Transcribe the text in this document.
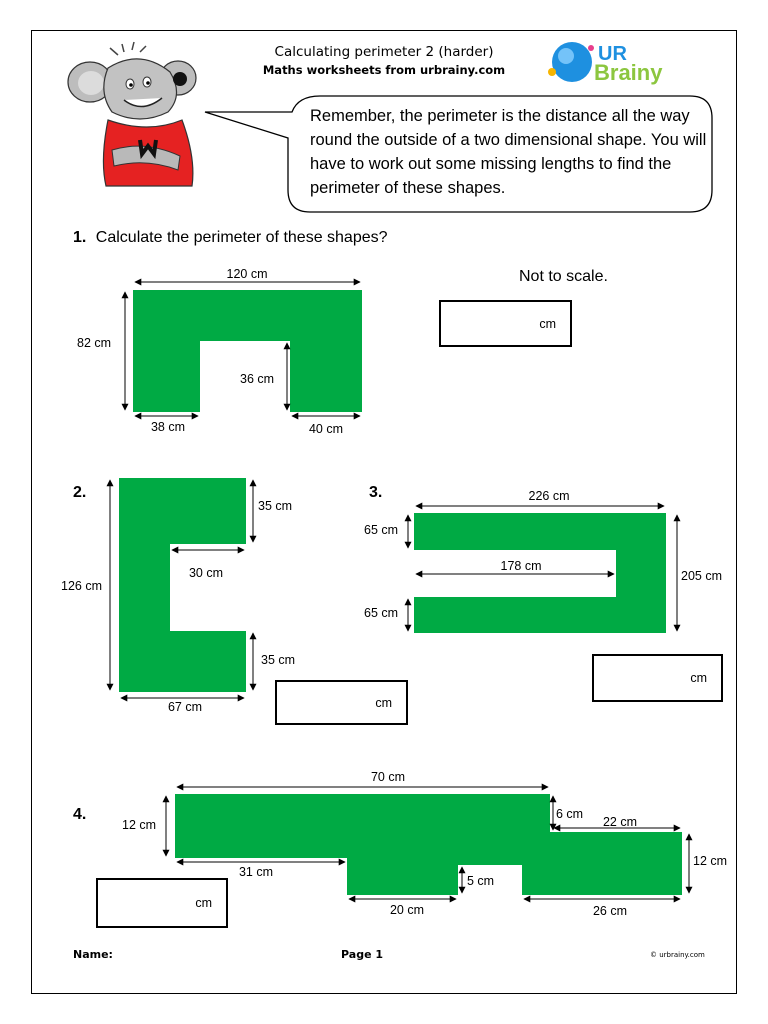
Calculating perimeter 2 (harder)
Maths worksheets from urbrainy.com
UR
Brainy
120 cm
82 cm
36 cm
38 cm	40 cm
35 cm
126 cm
30 cm
35 cm
67 cm
226 cm
65 cm
178 cm
205 cm
65 cm
70 cm
12 cm
6 cm
22 cm
12 cm
31 cm
5 cm
20 cm	26 cm
Remember, the perimeter is the distance all the way round the outside of a two dimensional shape. You will have to work out some missing lengths to find the perimeter of these shapes.
1. Calculate the perimeter of these shapes?
Not to scale.
2.	3.
4.
cm
cm
cm
cm
Name:	Page 1	© urbrainy.com
